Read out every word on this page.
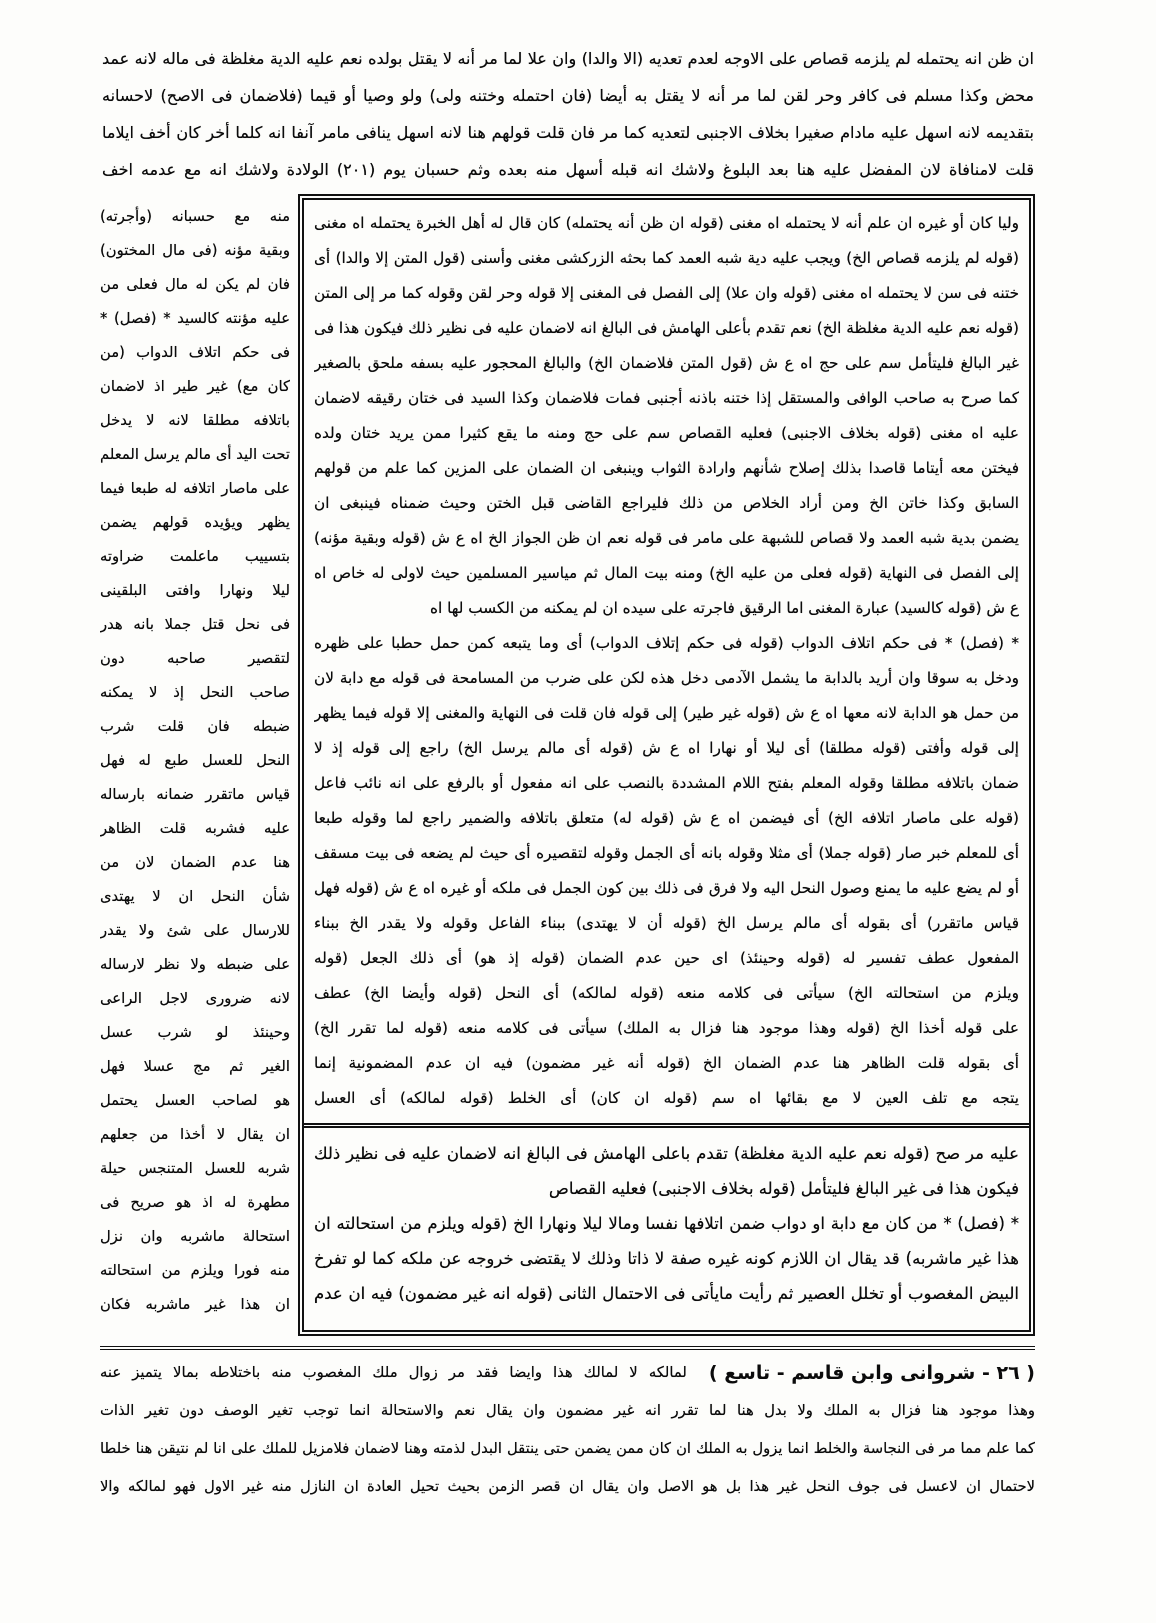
ان ظن انه يحتمله لم يلزمه قصاص على الاوجه لعدم تعديه (الا والدا) وان علا لما مر أنه لا يقتل بولده نعم عليه الدية مغلظة فى ماله لانه عمد
محض وكذا مسلم فى كافر وحر لقن لما مر أنه لا يقتل به أيضا (فان احتمله وختنه ولى) ولو وصيا أو قيما (فلاضمان فى الاصح) لاحسانه
بتقديمه لانه اسهل عليه مادام صغيرا بخلاف الاجنبى لتعديه كما مر فان قلت قولهم هنا لانه اسهل ينافى مامر آنفا انه كلما أخر كان أخف ايلاما
قلت لامنافاة لان المفضل عليه هنا بعد البلوغ ولاشك انه قبله أسهل منه بعده وثم حسبان يوم (٢٠١) الولادة ولاشك انه مع عدمه اخف
منه مع حسبانه (وأجرته)
وبقية مؤنه (فى مال المختون)
فان لم يكن له مال فعلى من
عليه مؤنته كالسيد * (فصل) *
فى حكم اتلاف الدواب (من
كان مع) غير طير اذ لاضمان
باتلافه مطلقا لانه لا يدخل
تحت اليد أى مالم يرسل المعلم
على ماصار اتلافه له طبعا فيما
يظهر ويؤيده قولهم يضمن
بتسييب ماعلمت ضراوته
ليلا ونهارا وافتى البلقينى
فى نحل قتل جملا بانه هدر
لتقصير صاحبه دون
صاحب النحل إذ لا يمكنه
ضبطه فان قلت شرب
النحل للعسل طبع له فهل
قياس ماتقرر ضمانه بارساله
عليه فشربه قلت الظاهر
هنا عدم الضمان لان من
شأن النحل ان لا يهتدى
للارسال على شئ ولا يقدر
على ضبطه ولا نظر لارساله
لانه ضرورى لاجل الراعى
وحينئذ لو شرب عسل
الغير ثم مج عسلا فهل
هو لصاحب العسل يحتمل
ان يقال لا أخذا من جعلهم
شربه للعسل المتنجس حيلة
مطهرة له اذ هو صريح فى
استحالة ماشربه وان نزل
منه فورا ويلزم من استحالته
ان هذا غير ماشربه فكان
وليا كان أو غيره ان علم أنه لا يحتمله اه مغنى (قوله ان ظن أنه يحتمله) كان قال له أهل الخبرة يحتمله اه مغنى
(قوله لم يلزمه قصاص الخ) ويجب عليه دية شبه العمد كما بحثه الزركشى مغنى وأسنى (قول المتن إلا والدا) أى
ختنه فى سن لا يحتمله اه مغنى (قوله وان علا) إلى الفصل فى المغنى إلا قوله وحر لقن وقوله كما مر إلى المتن
(قوله نعم عليه الدية مغلظة الخ) نعم تقدم بأعلى الهامش فى البالغ انه لاضمان عليه فى نظير ذلك فيكون هذا فى
غير البالغ فليتأمل سم على حج اه ع ش (قول المتن فلاضمان الخ) والبالغ المحجور عليه بسفه ملحق بالصغير
كما صرح به صاحب الوافى والمستقل إذا ختنه باذنه أجنبى فمات فلاضمان وكذا السيد فى ختان رقيقه لاضمان
عليه اه مغنى (قوله بخلاف الاجنبى) فعليه القصاص سم على حج ومنه ما يقع كثيرا ممن يريد ختان ولده
فيختن معه أيتاما قاصدا بذلك إصلاح شأنهم وارادة الثواب وينبغى ان الضمان على المزين كما علم من قولهم
السابق وكذا خاتن الخ ومن أراد الخلاص من ذلك فليراجع القاضى قبل الختن وحيث ضمناه فينبغى ان
يضمن بدية شبه العمد ولا قصاص للشبهة على مامر فى قوله نعم ان ظن الجواز الخ اه ع ش (قوله وبقية مؤنه)
إلى الفصل فى النهاية (قوله فعلى من عليه الخ) ومنه بيت المال ثم مياسير المسلمين حيث لاولى له خاص اه
ع ش (قوله كالسيد) عبارة المغنى اما الرقيق فاجرته على سيده ان لم يمكنه من الكسب لها اه
* (فصل) * فى حكم اتلاف الدواب (قوله فى حكم إتلاف الدواب) أى وما يتبعه كمن حمل حطبا على ظهره
ودخل به سوقا وان أريد بالدابة ما يشمل الآدمى دخل هذه لكن على ضرب من المسامحة فى قوله مع دابة لان
من حمل هو الدابة لانه معها اه ع ش (قوله غير طير) إلى قوله فان قلت فى النهاية والمغنى إلا قوله فيما يظهر
إلى قوله وأفتى (قوله مطلقا) أى ليلا أو نهارا اه ع ش (قوله أى مالم يرسل الخ) راجع إلى قوله إذ لا
ضمان باتلافه مطلقا وقوله المعلم بفتح اللام المشددة بالنصب على انه مفعول أو بالرفع على انه نائب فاعل
(قوله على ماصار اتلافه الخ) أى فيضمن اه ع ش (قوله له) متعلق باتلافه والضمير راجع لما وقوله طبعا
أى للمعلم خبر صار (قوله جملا) أى مثلا وقوله بانه أى الجمل وقوله لتقصيره أى حيث لم يضعه فى بيت مسقف
أو لم يضع عليه ما يمنع وصول النحل اليه ولا فرق فى ذلك بين كون الجمل فى ملكه أو غيره اه ع ش (قوله فهل
قياس ماتقرر) أى بقوله أى مالم يرسل الخ (قوله أن لا يهتدى) ببناء الفاعل وقوله ولا يقدر الخ ببناء
المفعول عطف تفسير له (قوله وحينئذ) اى حين عدم الضمان (قوله إذ هو) أى ذلك الجعل (قوله
ويلزم من استحالته الخ) سيأتى فى كلامه منعه (قوله لمالكه) أى النحل (قوله وأيضا الخ) عطف
على قوله أخذا الخ (قوله وهذا موجود هنا فزال به الملك) سيأتى فى كلامه منعه (قوله لما تقرر الخ)
أى بقوله قلت الظاهر هنا عدم الضمان الخ (قوله أنه غير مضمون) فيه ان عدم المضمونية إنما
يتجه مع تلف العين لا مع بقائها اه سم (قوله ان كان) أى الخلط (قوله لمالكه) أى العسل
عليه مر صح (قوله نعم عليه الدية مغلظة) تقدم باعلى الهامش فى البالغ انه لاضمان عليه فى نظير ذلك
فيكون هذا فى غير البالغ فليتأمل (قوله بخلاف الاجنبى) فعليه القصاص
* (فصل) * من كان مع دابة او دواب ضمن اتلافها نفسا ومالا ليلا ونهارا الخ (قوله ويلزم من استحالته ان
هذا غير ماشربه) قد يقال ان اللازم كونه غيره صفة لا ذاتا وذلك لا يقتضى خروجه عن ملكه كما لو تفرخ
البيض المغصوب أو تخلل العصير ثم رأيت مايأتى فى الاحتمال الثانى (قوله انه غير مضمون) فيه ان عدم
( ٢٦ - شروانى وابن قاسم - تاسع )
لمالكه لا لمالك هذا وايضا فقد مر زوال ملك المغصوب منه باختلاطه بمالا يتميز عنه
وهذا موجود هنا فزال به الملك ولا بدل هنا لما تقرر انه غير مضمون وان يقال نعم والاستحالة انما توجب تغير الوصف دون تغير الذات
كما علم مما مر فى النجاسة والخلط انما يزول به الملك ان كان ممن يضمن حتى ينتقل البدل لذمته وهنا لاضمان فلامزيل للملك على انا لم نتيقن هنا خلطا
لاحتمال ان لاعسل فى جوف النحل غير هذا بل هو الاصل وان يقال ان قصر الزمن بحيث تحيل العادة ان النازل منه غير الاول فهو لمالكه والا
